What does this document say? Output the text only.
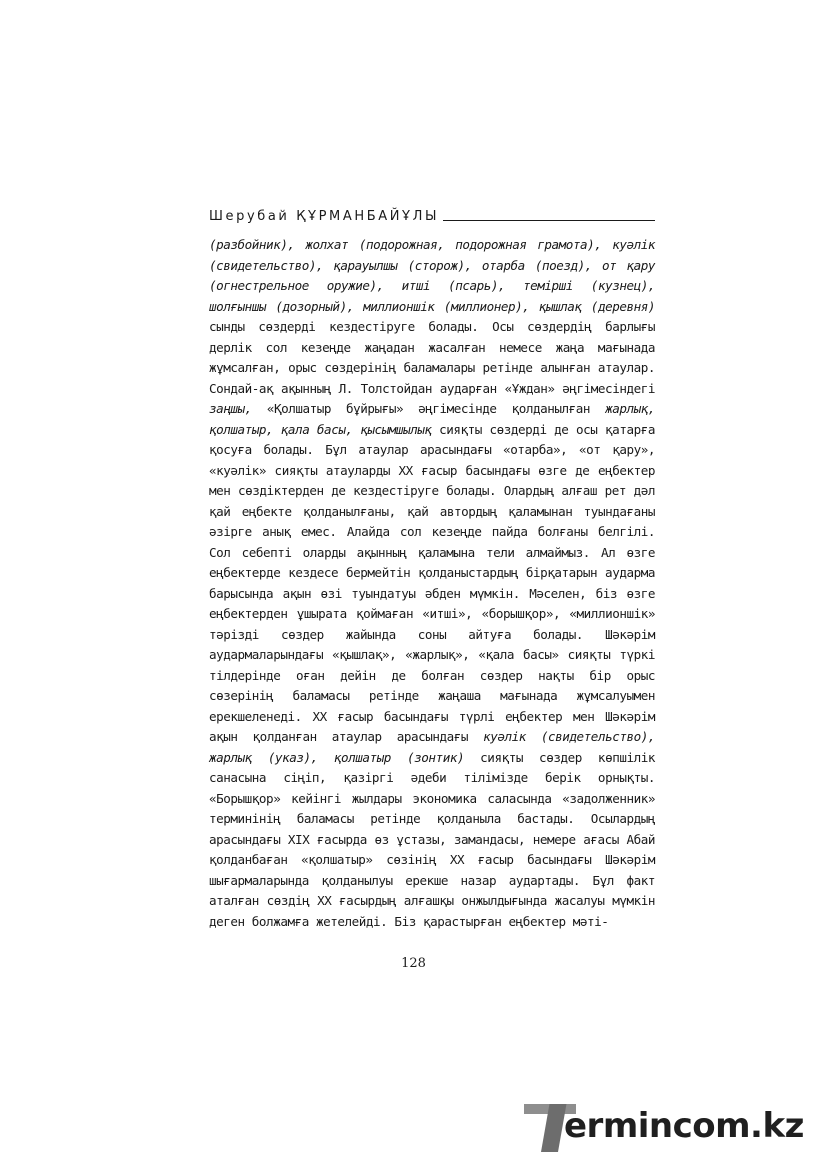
Шерубай ҚҰРМАНБАЙҰЛЫ

(разбойник), жолхат (подорожная, подорожная грамота), куәлік (свидетельство), қарауылшы (сторож), отарба (поезд), от қару (огнестрельное оружие), итші (псарь), темірші (кузнец), шолғыншы (дозорный), миллионшік (миллионер), қышлақ (деревня) сынды сөздерді кездестіруге болады. Осы сөздердің барлығы дерлік сол кезеңде жаңадан жасалған немесе жаңа мағынада жұмсалған, орыс сөздерінің баламалары ретінде алынған атаулар. Сондай-ақ ақынның Л. Толстойдан аударған «Ұждан» әңгімесіндегі заңшы, «Қолшатыр бұйрығы» әңгімесінде қолданылған жарлық, қолшатыр, қала басы, қысымшылық сияқты сөздерді де осы қатарға қосуға болады. Бұл атаулар арасындағы «отарба», «от қару», «куәлік» сияқты атауларды XX ғасыр басындағы өзге де еңбектер мен сөздіктерден де кездестіруге болады. Олардың алғаш рет дәл қай еңбекте қолданылғаны, қай автордың қаламынан туындағаны әзірге анық емес. Алайда сол кезеңде пайда болғаны белгілі. Сол себепті оларды ақынның қаламына тели алмаймыз. Ал өзге еңбектерде кездесе бермейтін қолданыстардың бірқатарын аударма барысында ақын өзі туындатуы әбден мүмкін. Мәселен, біз өзге еңбектерден ұшырата қоймаған «итші», «борышқор», «миллионшік» тәрізді сөздер жайында соны айтуға болады. Шәкәрім аудармаларындағы «қышлақ», «жарлық», «қала басы» сияқты түркі тілдерінде оған дейін де болған сөздер нақты бір орыс сөзерінің баламасы ретінде жаңаша мағынада жұмсалуымен ерекшеленеді. XX ғасыр басындағы түрлі еңбектер мен Шәкәрім ақын қолданған атаулар арасындағы куәлік (свидетельство), жарлық (указ), қолшатыр (зонтик) сияқты сөздер көпшілік санасына сіңіп, қазіргі әдеби тілімізде берік орнықты. «Борышқор» кейінгі жылдары экономика саласында «задолженник» терминінің баламасы ретінде қолданыла бастады. Осылардың арасындағы XIX ғасырда өз ұстазы, замандасы, немере ағасы Абай қолданбаған «қолшатыр» сөзінің XX ғасыр басындағы Шәкәрім шығармаларында қолданылуы ерекше назар аудартады. Бұл факт аталған сөздің XX ғасырдың алғашқы онжылдығында жасалуы мүмкін деген болжамға жетелейді. Біз қарастырған еңбектер мәті-

128
ermincom.kz
